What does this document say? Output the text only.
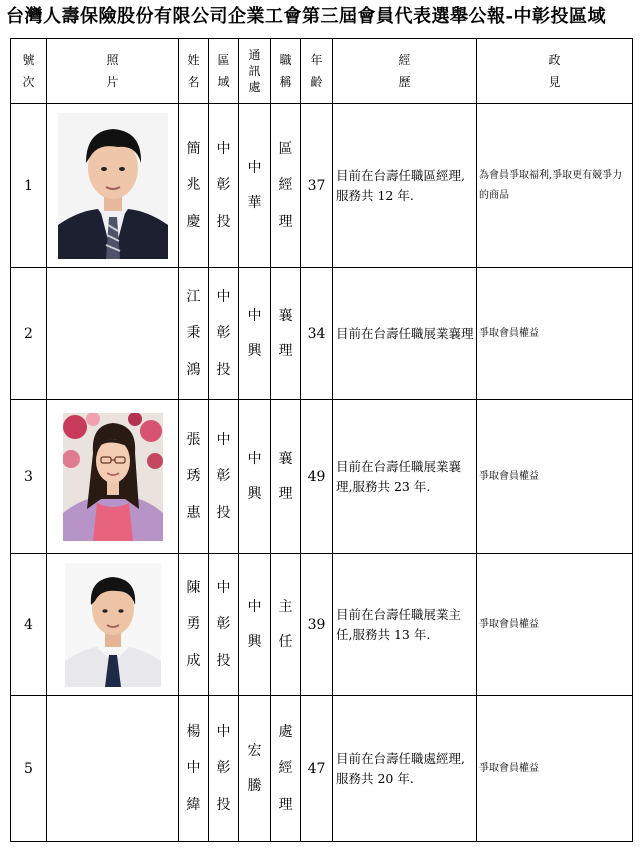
台灣人壽保險股份有限公司企業工會第三屆會員代表選舉公報-中彰投區域
號
次	照
片	姓
名	區
域	通
訊
處	職
稱	年
齡	經
歷	政
見

1		簡
兆
慶	中
彰
投	中
華	區
經
理	37	目前在台壽任職區經理,服務共 12 年.	為會員爭取福利,爭取更有競爭力的商品
2		江
秉
鴻	中
彰
投	中
興	襄
理	34	目前在台壽任職展業襄理	爭取會員權益
3		張
琇
惠	中
彰
投	中
興	襄
理	49	目前在台壽任職展業襄理,服務共 23 年.	爭取會員權益
4		陳
勇
成	中
彰
投	中
興	主
任	39	目前在台壽任職展業主任,服務共 13 年.	爭取會員權益
5		楊
中
緯	中
彰
投	宏
騰	處
經
理	47	目前在台壽任職處經理,服務共 20 年.	爭取會員權益
